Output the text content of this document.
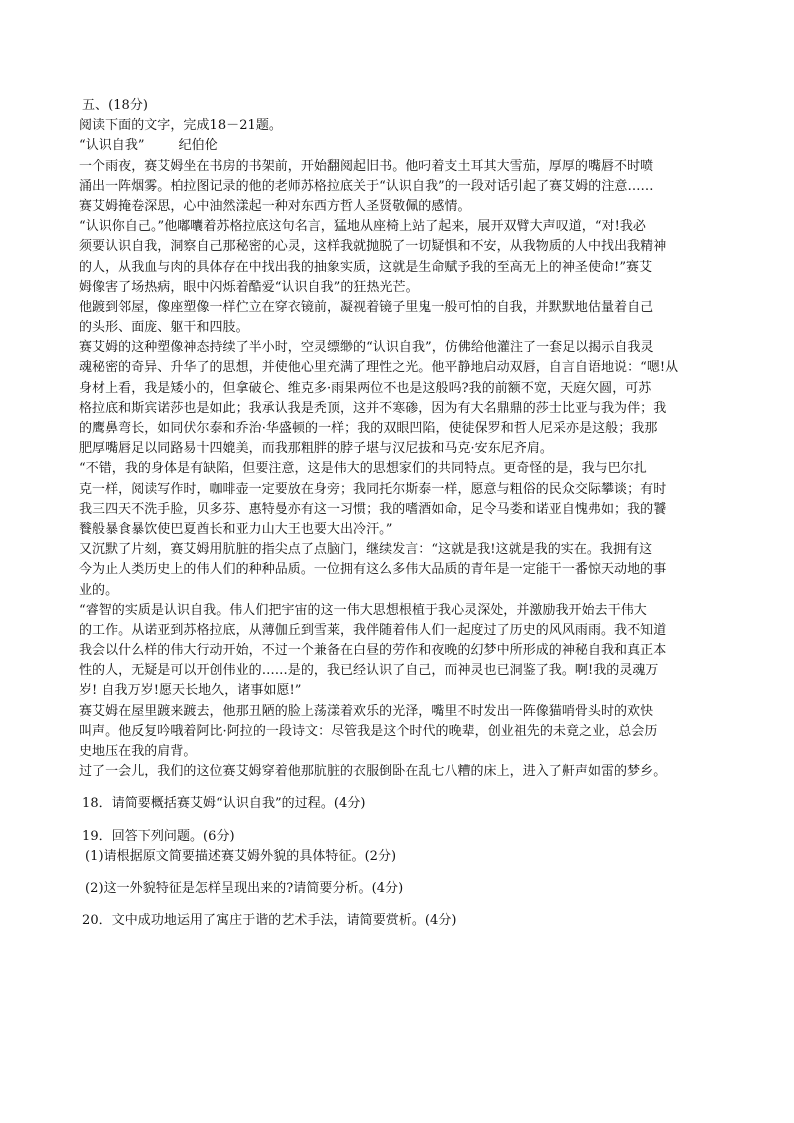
五、(18分)
阅读下面的文字，完成18－21题。
“认识自我”	纪伯伦
一个雨夜，赛艾姆坐在书房的书架前，开始翻阅起旧书。他叼着支土耳其大雪茄，厚厚的嘴唇不时喷
涌出一阵烟雾。柏拉图记录的他的老师苏格拉底关于“认识自我”的一段对话引起了赛艾姆的注意……
赛艾姆掩卷深思，心中油然漾起一种对东西方哲人圣贤敬佩的感情。
“认识你自己。”他嘟囔着苏格拉底这句名言，猛地从座椅上站了起来，展开双臂大声叹道，“对!我必
须要认识自我，洞察自己那秘密的心灵，这样我就抛脱了一切疑惧和不安，从我物质的人中找出我精神
的人，从我血与肉的具体存在中找出我的抽象实质，这就是生命赋予我的至高无上的神圣使命!”赛艾
姆像害了场热病，眼中闪烁着酷爱“认识自我”的狂热光芒。
他踱到邻屋，像座塑像一样伫立在穿衣镜前，凝视着镜子里鬼一般可怕的自我，并默默地估量着自己
的头形、面庞、躯干和四肢。
赛艾姆的这种塑像神态持续了半小时，空灵缥缈的“认识自我”，仿佛给他灌注了一套足以揭示自我灵
魂秘密的奇异、升华了的思想，并使他心里充满了理性之光。他平静地启动双唇，自言自语地说：“嗯!从
身材上看，我是矮小的，但拿破仑、维克多·雨果两位不也是这般吗?我的前额不宽，天庭欠圆，可苏
格拉底和斯宾诺莎也是如此；我承认我是秃顶，这并不寒碜，因为有大名鼎鼎的莎士比亚与我为伴；我
的鹰鼻弯长，如同伏尔泰和乔治·华盛顿的一样；我的双眼凹陷，使徒保罗和哲人尼采亦是这般；我那
肥厚嘴唇足以同路易十四媲美，而我那粗胖的脖子堪与汉尼拔和马克·安东尼齐肩。
“不错，我的身体是有缺陷，但要注意，这是伟大的思想家们的共同特点。更奇怪的是，我与巴尔扎
克一样，阅读写作时，咖啡壶一定要放在身旁；我同托尔斯泰一样，愿意与粗俗的民众交际攀谈；有时
我三四天不洗手脸，贝多芬、惠特曼亦有这一习惯；我的嗜酒如命，足令马娄和诺亚自愧弗如；我的饕
餮般暴食暴饮使巴夏酋长和亚力山大王也要大出冷汗。”
又沉默了片刻，赛艾姆用肮脏的指尖点了点脑门，继续发言：“这就是我!这就是我的实在。我拥有这
今为止人类历史上的伟人们的种种品质。一位拥有这么多伟大品质的青年是一定能干一番惊天动地的事
业的。
“睿智的实质是认识自我。伟人们把宇宙的这一伟大思想根植于我心灵深处，并激励我开始去干伟大
的工作。从诺亚到苏格拉底，从薄伽丘到雪莱，我伴随着伟人们一起度过了历史的风风雨雨。我不知道
我会以什么样的伟大行动开始，不过一个兼备在白昼的劳作和夜晚的幻梦中所形成的神秘自我和真正本
性的人，无疑是可以开创伟业的……是的，我已经认识了自己，而神灵也已洞鉴了我。啊!我的灵魂万
岁! 自我万岁!愿天长地久，诸事如愿!”
赛艾姆在屋里踱来踱去，他那丑陋的脸上荡漾着欢乐的光泽，嘴里不时发出一阵像猫哨骨头时的欢快
叫声。他反复吟哦着阿比·阿拉的一段诗文：尽管我是这个时代的晚辈，创业祖先的未竟之业，总会历
史地压在我的肩背。
过了一会儿，我们的这位赛艾姆穿着他那肮脏的衣服倒卧在乱七八糟的床上，进入了鼾声如雷的梦乡。
18．请简要概括赛艾姆“认识自我”的过程。(4分)
19．回答下列问题。(6分)
(1)请根据原文简要描述赛艾姆外貌的具体特征。(2分)
(2)这一外貌特征是怎样呈现出来的?请简要分析。(4分)
20．文中成功地运用了寓庄于谐的艺术手法，请简要赏析。(4分)
